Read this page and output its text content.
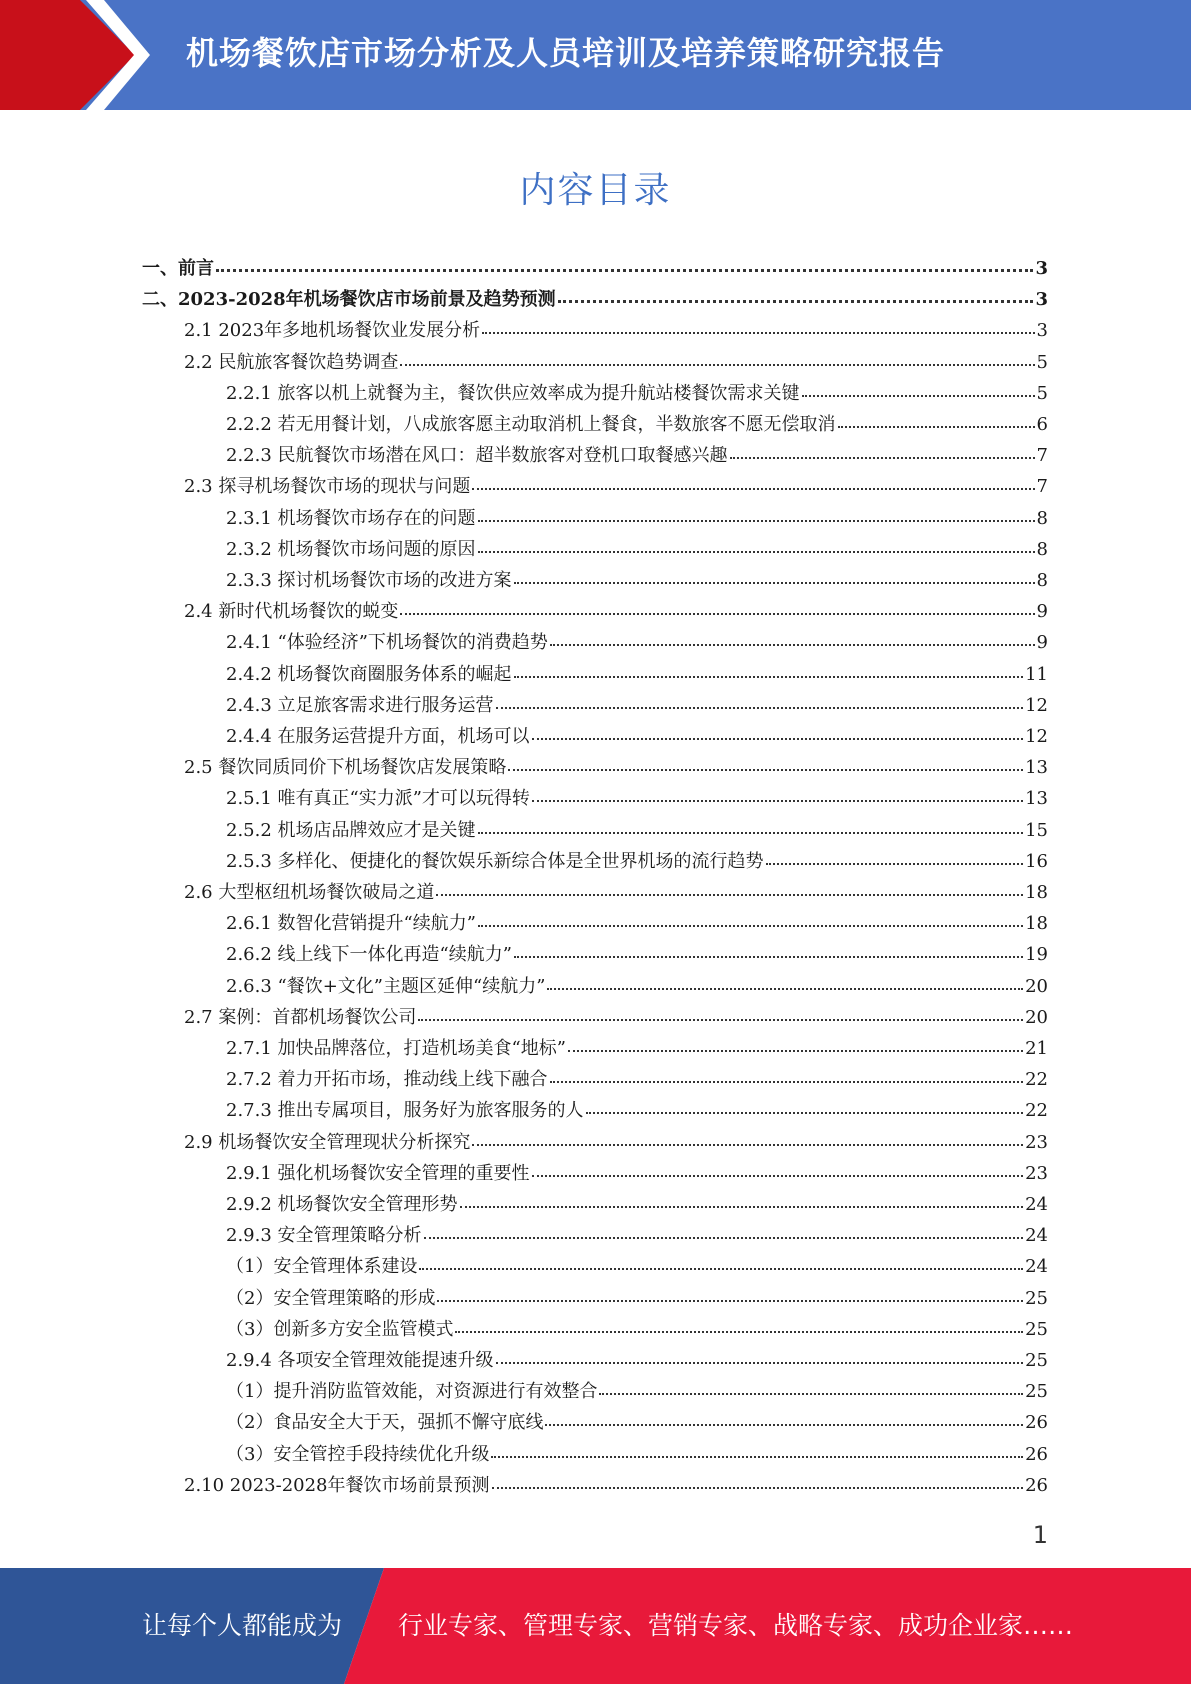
机场餐饮店市场分析及人员培训及培养策略研究报告
内容目录
一、前言	3
二、2023-2028年机场餐饮店市场前景及趋势预测	3
2.1 2023年多地机场餐饮业发展分析	3
2.2 民航旅客餐饮趋势调查	5
2.2.1 旅客以机上就餐为主，餐饮供应效率成为提升航站楼餐饮需求关键	5
2.2.2 若无用餐计划，八成旅客愿主动取消机上餐食，半数旅客不愿无偿取消	6
2.2.3 民航餐饮市场潜在风口：超半数旅客对登机口取餐感兴趣	7
2.3 探寻机场餐饮市场的现状与问题	7
2.3.1 机场餐饮市场存在的问题	8
2.3.2 机场餐饮市场问题的原因	8
2.3.3 探讨机场餐饮市场的改进方案	8
2.4 新时代机场餐饮的蜕变	9
2.4.1 “体验经济”下机场餐饮的消费趋势	9
2.4.2 机场餐饮商圈服务体系的崛起	11
2.4.3 立足旅客需求进行服务运营	12
2.4.4 在服务运营提升方面，机场可以	12
2.5 餐饮同质同价下机场餐饮店发展策略	13
2.5.1 唯有真正“实力派”才可以玩得转	13
2.5.2 机场店品牌效应才是关键	15
2.5.3 多样化、便捷化的餐饮娱乐新综合体是全世界机场的流行趋势	16
2.6 大型枢纽机场餐饮破局之道	18
2.6.1 数智化营销提升“续航力”	18
2.6.2 线上线下一体化再造“续航力”	19
2.6.3 “餐饮+文化”主题区延伸“续航力”	20
2.7 案例：首都机场餐饮公司	20
2.7.1 加快品牌落位，打造机场美食“地标”	21
2.7.2 着力开拓市场，推动线上线下融合	22
2.7.3 推出专属项目，服务好为旅客服务的人	22
2.9 机场餐饮安全管理现状分析探究	23
2.9.1 强化机场餐饮安全管理的重要性	23
2.9.2 机场餐饮安全管理形势	24
2.9.3 安全管理策略分析	24
（1）安全管理体系建设	24
（2）安全管理策略的形成	25
（3）创新多方安全监管模式	25
2.9.4 各项安全管理效能提速升级	25
（1）提升消防监管效能，对资源进行有效整合	25
（2）食品安全大于天，强抓不懈守底线	26
（3）安全管控手段持续优化升级	26
2.10 2023-2028年餐饮市场前景预测	26
1
让每个人都能成为 行业专家、管理专家、营销专家、战略专家、成功企业家……
